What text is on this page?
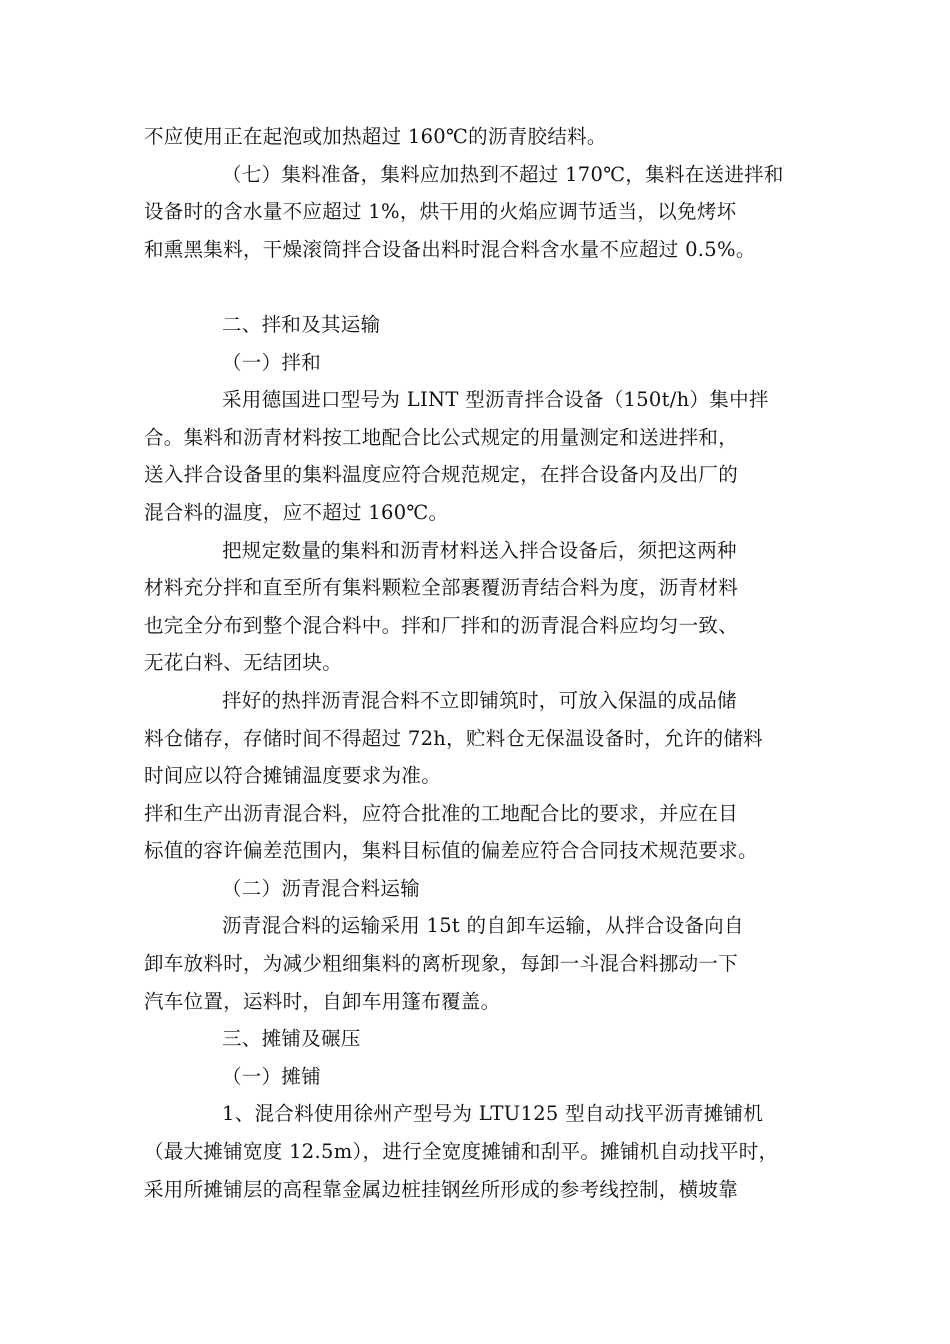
不应使用正在起泡或加热超过 160℃的沥青胶结料。
（七）集料准备，集料应加热到不超过 170℃，集料在送进拌和
设备时的含水量不应超过 1%，烘干用的火焰应调节适当，以免烤坏
和熏黑集料，干燥滚筒拌合设备出料时混合料含水量不应超过 0.5%。
二、拌和及其运输
（一）拌和
采用德国进口型号为 LINT 型沥青拌合设备（150t/h）集中拌
合。集料和沥青材料按工地配合比公式规定的用量测定和送进拌和，
送入拌合设备里的集料温度应符合规范规定，在拌合设备内及出厂的
混合料的温度，应不超过 160℃。
把规定数量的集料和沥青材料送入拌合设备后，须把这两种
材料充分拌和直至所有集料颗粒全部裹覆沥青结合料为度，沥青材料
也完全分布到整个混合料中。拌和厂拌和的沥青混合料应均匀一致、
无花白料、无结团块。
拌好的热拌沥青混合料不立即铺筑时，可放入保温的成品储
料仓储存，存储时间不得超过 72h，贮料仓无保温设备时，允许的储料
时间应以符合摊铺温度要求为准。
拌和生产出沥青混合料，应符合批准的工地配合比的要求，并应在目
标值的容许偏差范围内，集料目标值的偏差应符合合同技术规范要求。
（二）沥青混合料运输
沥青混合料的运输采用 15t 的自卸车运输，从拌合设备向自
卸车放料时，为减少粗细集料的离析现象，每卸一斗混合料挪动一下
汽车位置，运料时，自卸车用篷布覆盖。
三、摊铺及碾压
（一）摊铺
1、混合料使用徐州产型号为 LTU125 型自动找平沥青摊铺机
（最大摊铺宽度 12.5m），进行全宽度摊铺和刮平。摊铺机自动找平时，
采用所摊铺层的高程靠金属边桩挂钢丝所形成的参考线控制，横坡靠
